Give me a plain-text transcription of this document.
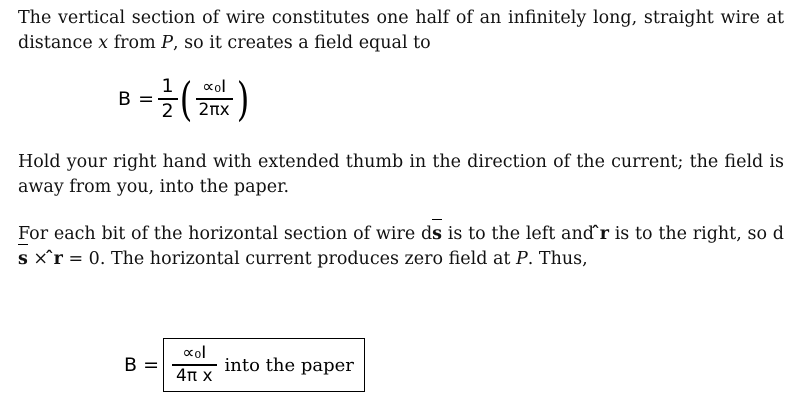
The vertical section of wire constitutes one half of an infinitely long, straight wire at distance x from P, so it creates a field equal to
$B = \frac{1}{2}$ ( $\frac{\text{∝₀I}}{2\pi x}$ )
Hold your right hand with extended thumb in the direction of the current; the field is away from you, into the paper.
For each bit of the horizontal section of wire ds is to the left and r is to the right, so ds × r = 0. The horizontal current produces zero field at P. Thus,
$B = \frac{\text{∝₀I}}{\text{4π x}}$ into the paper
